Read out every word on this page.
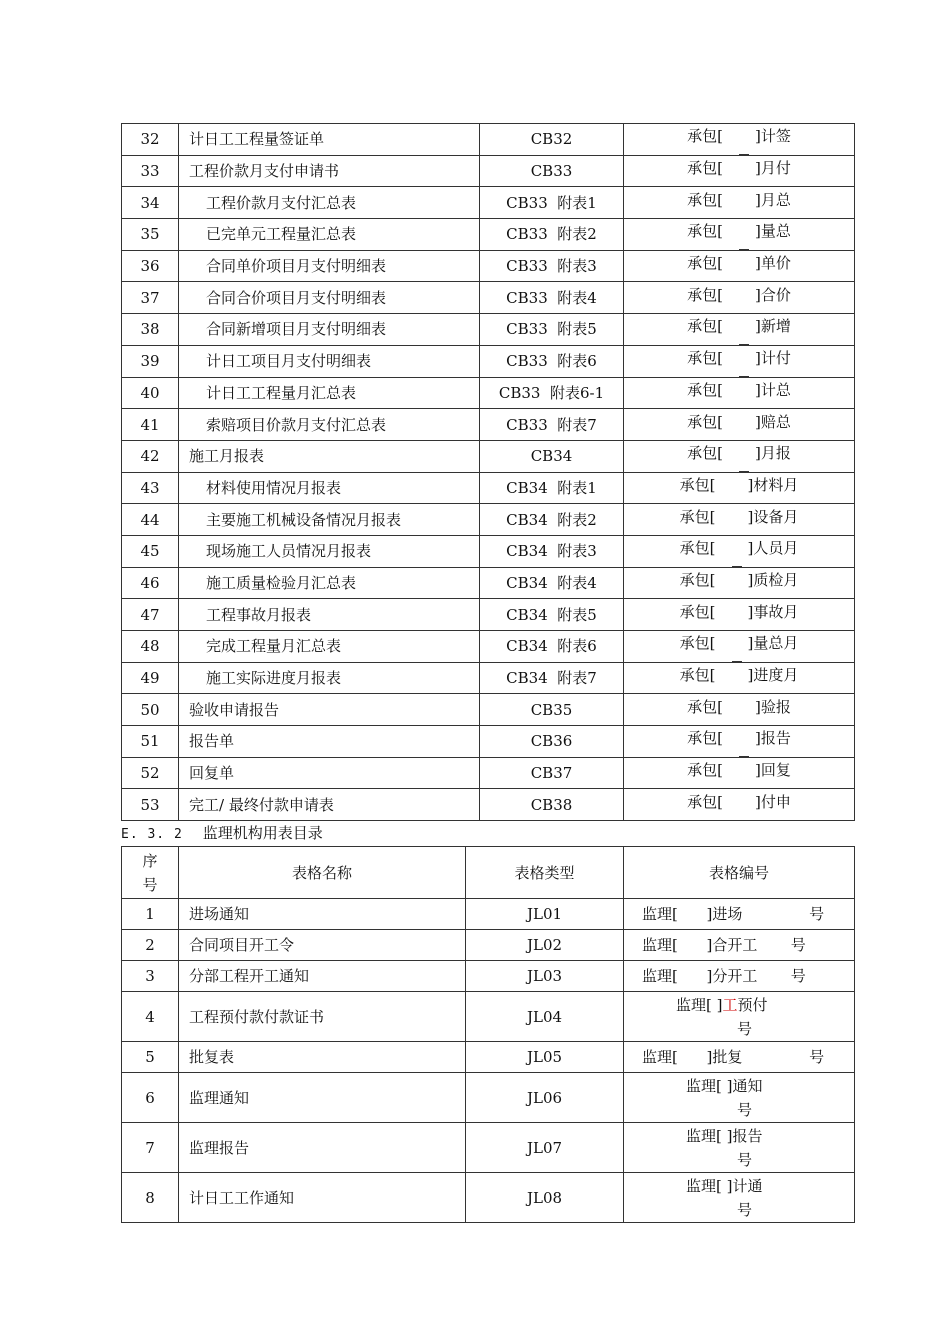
32	计日工工程量签证单	CB32	承包[ ]计签

33	工程价款月支付申请书	CB33	承包[ ]月付

34	工程价款月支付汇总表	CB33  附表1	承包[ ]月总

35	已完单元工程量汇总表	CB33  附表2	承包[ ]量总

36	合同单价项目月支付明细表	CB33  附表3	承包[ ]单价

37	合同合价项目月支付明细表	CB33  附表4	承包[ ]合价

38	合同新增项目月支付明细表	CB33  附表5	承包[ ]新增

39	计日工项目月支付明细表	CB33  附表6	承包[ ]计付

40	计日工工程量月汇总表	CB33  附表6-1	承包[ ]计总

41	索赔项目价款月支付汇总表	CB33  附表7	承包[ ]赔总

42	施工月报表	CB34	承包[ ]月报

43	材料使用情况月报表	CB34  附表1	承包[ ]材料月

44	主要施工机械设备情况月报表	CB34  附表2	承包[ ]设备月

45	现场施工人员情况月报表	CB34  附表3	承包[ ]人员月

46	施工质量检验月汇总表	CB34  附表4	承包[ ]质检月

47	工程事故月报表	CB34  附表5	承包[ ]事故月

48	完成工程量月汇总表	CB34  附表6	承包[ ]量总月

49	施工实际进度月报表	CB34  附表7	承包[ ]进度月

50	验收申请报告	CB35	承包[ ]验报

51	报告单	CB36	承包[ ]报告

52	回复单	CB37	承包[ ]回复

53	完工/ 最终付款申请表	CB38	承包[ ]付申
E. 3. 2 监理机构用表目录
序
号	表格名称	表格类型	表格编号
1	进场通知	JL01	监理[      ]进场              号
2	合同项目开工令	JL02	监理[      ]合开工       号
3	分部工程开工通知	JL03	监理[      ]分开工       号
4	工程预付款付款证书	JL04	监理[ ]工预付
号

5	批复表	JL05	监理[      ]批复              号
6	监理通知	JL06	监理[ ]通知
号

7	监理报告	JL07	监理[ ]报告
号

8	计日工工作通知	JL08	监理[ ]计通
号
